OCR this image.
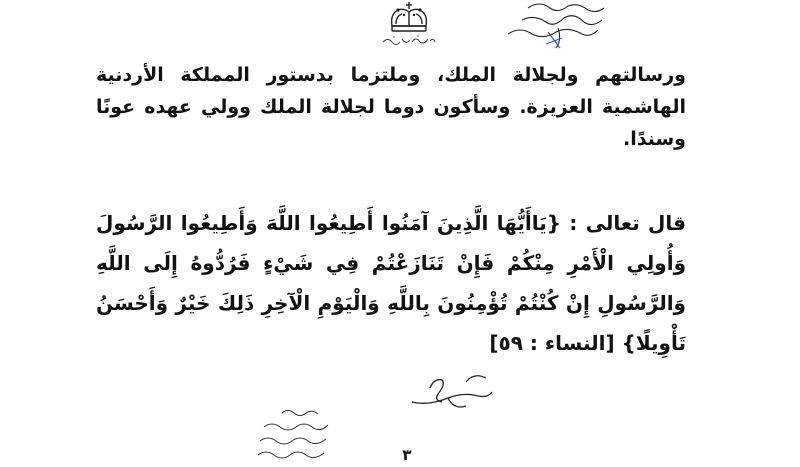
ورسالتهم ولجلالة الملك، وملتزما بدستور المملكة الأردنية الهاشمية العزيزة. وسأكون دوما لجلالة الملك وولي عهده عونًا وسندًا.

قال تعالى : {يَاأَيُّهَا الَّذِينَ آمَنُوا أَطِيعُوا اللَّهَ وَأَطِيعُوا الرَّسُولَ وَأُولِي الْأَمْرِ مِنْكُمْ فَإِنْ تَنَازَعْتُمْ فِي شَيْءٍ فَرُدُّوهُ إِلَى اللَّهِ وَالرَّسُولِ إِنْ كُنْتُمْ تُؤْمِنُونَ بِاللَّهِ وَالْيَوْمِ الْآخِرِ ذَلِكَ خَيْرٌ وَأَحْسَنُ تَأْوِيلًا} [النساء : ٥٩]

٣
